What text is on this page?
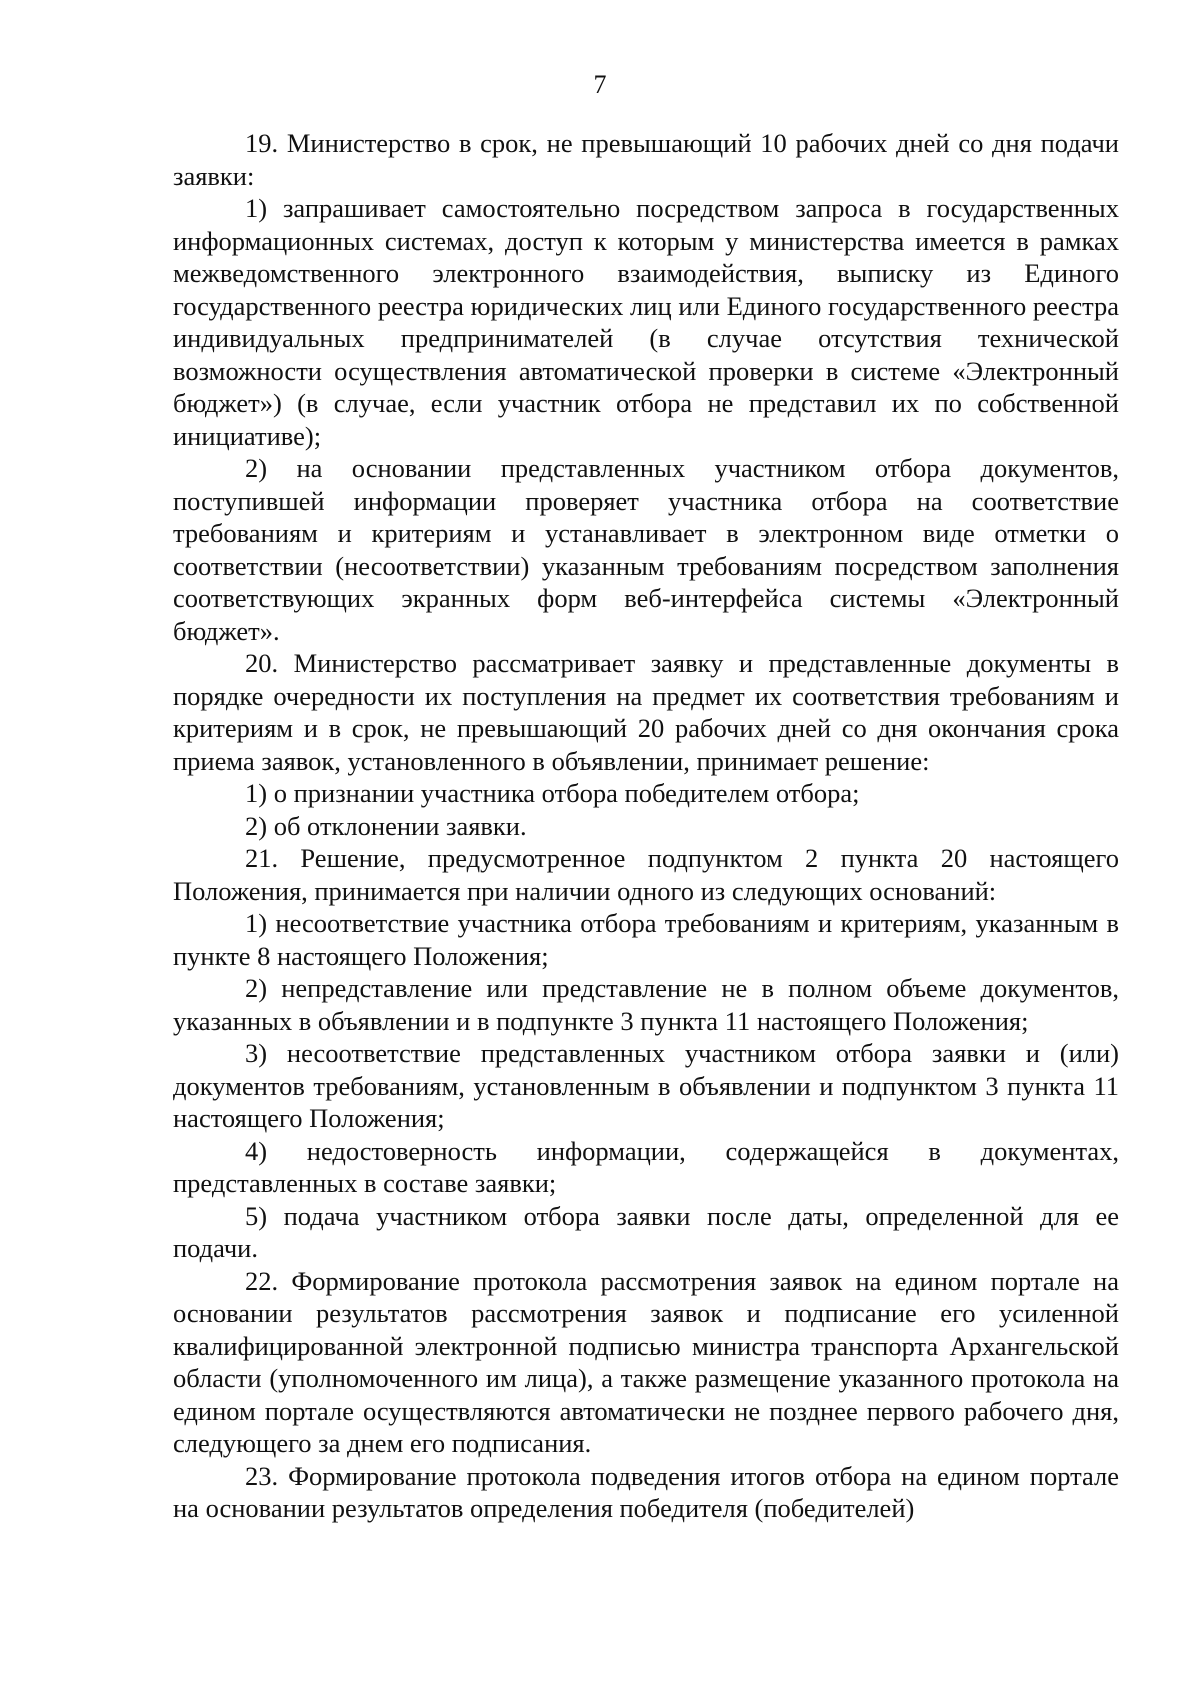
7

19. Министерство в срок, не превышающий 10 рабочих дней со дня подачи заявки:

1) запрашивает самостоятельно посредством запроса в государственных информационных системах, доступ к которым у министерства имеется в рамках межведомственного электронного взаимодействия, выписку из Единого государственного реестра юридических лиц или Единого государственного реестра индивидуальных предпринимателей (в случае отсутствия технической возможности осуществления автоматической проверки в системе «Электронный бюджет») (в случае, если участник отбора не представил их по собственной инициативе);

2) на основании представленных участником отбора документов, поступившей информации проверяет участника отбора на соответствие требованиям и критериям и устанавливает в электронном виде отметки о соответствии (несоответствии) указанным требованиям посредством заполнения соответствующих экранных форм веб-интерфейса системы «Электронный бюджет».

20. Министерство рассматривает заявку и представленные документы в порядке очередности их поступления на предмет их соответствия требованиям и критериям и в срок, не превышающий 20 рабочих дней со дня окончания срока приема заявок, установленного в объявлении, принимает решение:

1) о признании участника отбора победителем отбора;

2) об отклонении заявки.

21. Решение, предусмотренное подпунктом 2 пункта 20 настоящего Положения, принимается при наличии одного из следующих оснований:

1) несоответствие участника отбора требованиям и критериям, указанным в пункте 8 настоящего Положения;

2) непредставление или представление не в полном объеме документов, указанных в объявлении и в подпункте 3 пункта 11 настоящего Положения;

3) несоответствие представленных участником отбора заявки и (или) документов требованиям, установленным в объявлении и подпунктом 3 пункта 11 настоящего Положения;

4) недостоверность информации, содержащейся в документах, представленных в составе заявки;

5) подача участником отбора заявки после даты, определенной для ее подачи.

22. Формирование протокола рассмотрения заявок на едином портале на основании результатов рассмотрения заявок и подписание его усиленной квалифицированной электронной подписью министра транспорта Архангельской области (уполномоченного им лица), а также размещение указанного протокола на едином портале осуществляются автоматически не позднее первого рабочего дня, следующего за днем его подписания.

23. Формирование протокола подведения итогов отбора на едином портале на основании результатов определения победителя (победителей)
